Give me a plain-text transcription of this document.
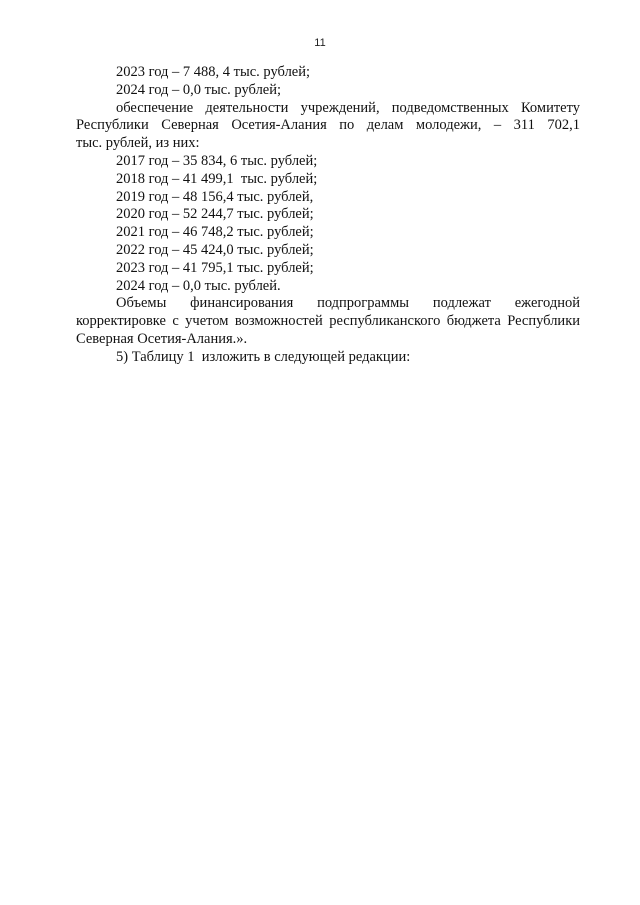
11

2023 год – 7 488, 4 тыс. рублей;

2024 год – 0,0 тыс. рублей;

обеспечение деятельности учреждений, подведомственных Комитету

Республики Северная Осетия-Алания по делам молодежи, – 311 702,1

тыс. рублей, из них:

2017 год – 35 834, 6 тыс. рублей;

2018 год – 41 499,1  тыс. рублей;

2019 год – 48 156,4 тыс. рублей,

2020 год – 52 244,7 тыс. рублей;

2021 год – 46 748,2 тыс. рублей;

2022 год – 45 424,0 тыс. рублей;

2023 год – 41 795,1 тыс. рублей;

2024 год – 0,0 тыс. рублей.

Объемы финансирования подпрограммы подлежат ежегодной

корректировке с учетом возможностей республиканского бюджета Республики

Северная Осетия-Алания.».

5) Таблицу 1  изложить в следующей редакции:
